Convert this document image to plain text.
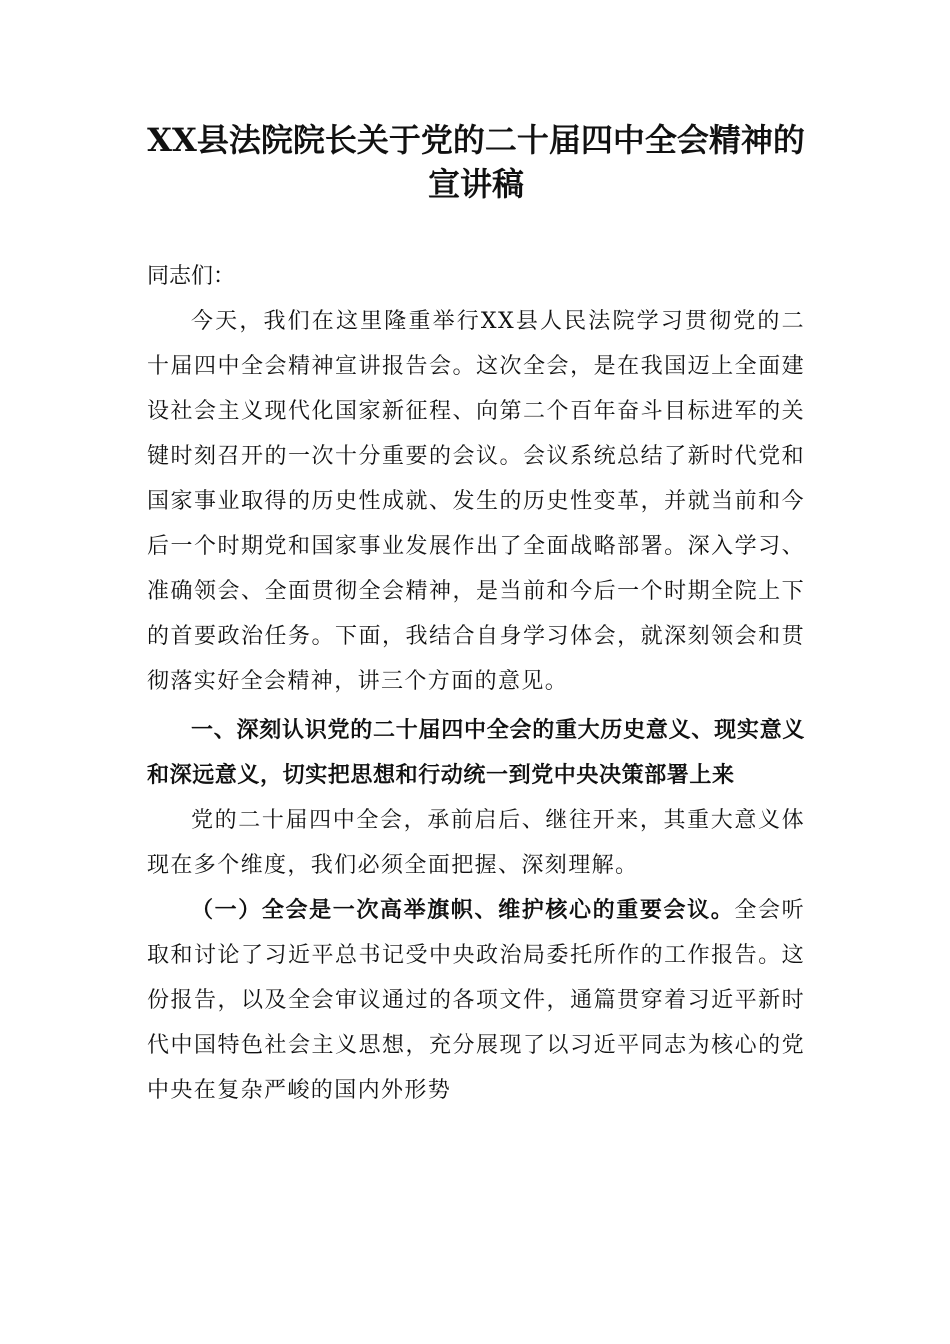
XX县法院院长关于党的二十届四中全会精神的宣讲稿

同志们：

今天，我们在这里隆重举行XX县人民法院学习贯彻党的二十届四中全会精神宣讲报告会。这次全会，是在我国迈上全面建设社会主义现代化国家新征程、向第二个百年奋斗目标进军的关键时刻召开的一次十分重要的会议。会议系统总结了新时代党和国家事业取得的历史性成就、发生的历史性变革，并就当前和今后一个时期党和国家事业发展作出了全面战略部署。深入学习、准确领会、全面贯彻全会精神，是当前和今后一个时期全院上下的首要政治任务。下面，我结合自身学习体会，就深刻领会和贯彻落实好全会精神，讲三个方面的意见。

一、深刻认识党的二十届四中全会的重大历史意义、现实意义和深远意义，切实把思想和行动统一到党中央决策部署上来

党的二十届四中全会，承前启后、继往开来，其重大意义体现在多个维度，我们必须全面把握、深刻理解。

（一）全会是一次高举旗帜、维护核心的重要会议。全会听取和讨论了习近平总书记受中央政治局委托所作的工作报告。这份报告，以及全会审议通过的各项文件，通篇贯穿着习近平新时代中国特色社会主义思想，充分展现了以习近平同志为核心的党中央在复杂严峻的国内外形势
